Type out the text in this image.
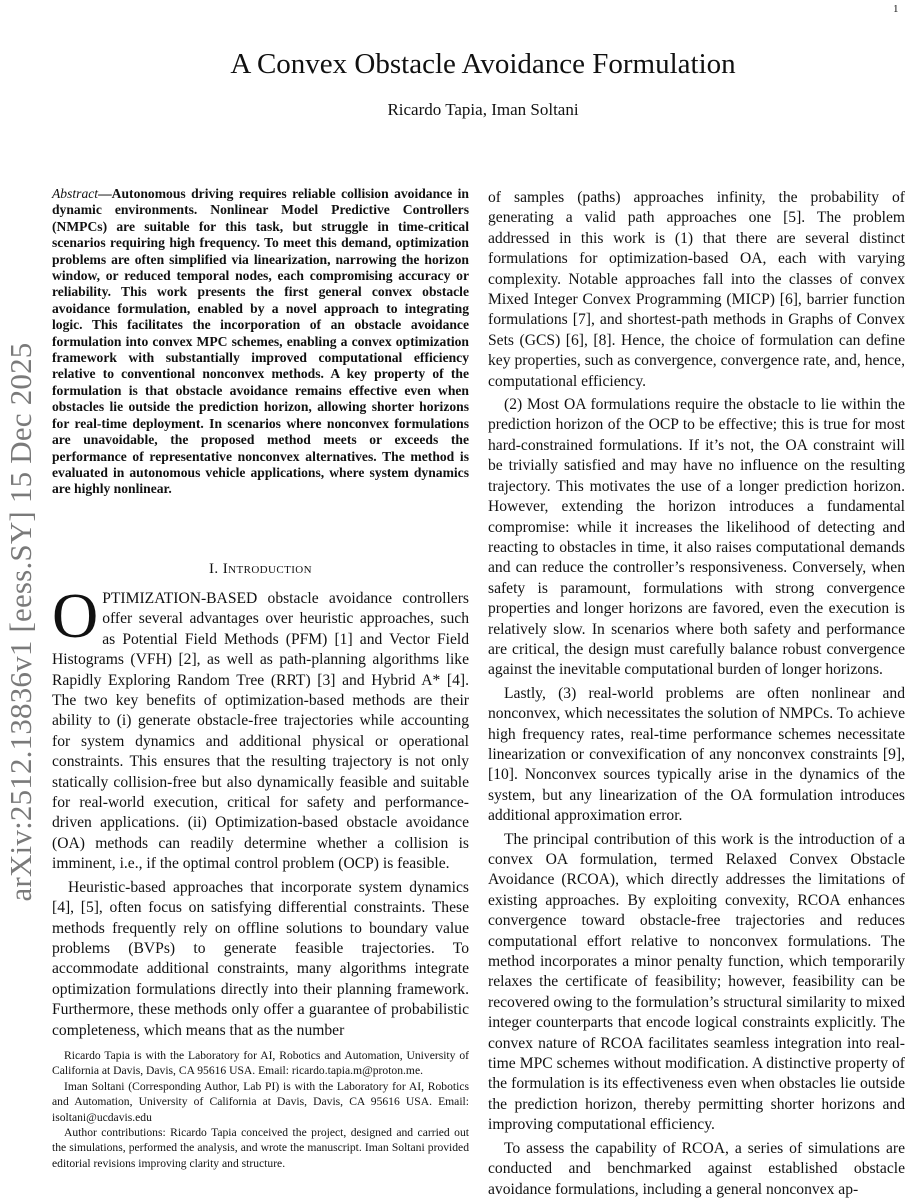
1
arXiv:2512.13836v1 [eess.SY] 15 Dec 2025
A Convex Obstacle Avoidance Formulation
Ricardo Tapia, Iman Soltani
Abstract—Autonomous driving requires reliable collision avoidance in dynamic environments. Nonlinear Model Predictive Controllers (NMPCs) are suitable for this task, but struggle in time-critical scenarios requiring high frequency. To meet this demand, optimization problems are often simplified via linearization, narrowing the horizon window, or reduced temporal nodes, each compromising accuracy or reliability. This work presents the first general convex obstacle avoidance formulation, enabled by a novel approach to integrating logic. This facilitates the incorporation of an obstacle avoidance formulation into convex MPC schemes, enabling a convex optimization framework with substantially improved computational efficiency relative to conventional nonconvex methods. A key property of the formulation is that obstacle avoidance remains effective even when obstacles lie outside the prediction horizon, allowing shorter horizons for real-time deployment. In scenarios where nonconvex formulations are unavoidable, the proposed method meets or exceeds the performance of representative nonconvex alternatives. The method is evaluated in autonomous vehicle applications, where system dynamics are highly nonlinear.
I. Introduction

OPTIMIZATION-BASED obstacle avoidance controllers offer several advantages over heuristic approaches, such as Potential Field Methods (PFM) [1] and Vector Field Histograms (VFH) [2], as well as path-planning algorithms like Rapidly Exploring Random Tree (RRT) [3] and Hybrid A* [4]. The two key benefits of optimization-based methods are their ability to (i) generate obstacle-free trajectories while accounting for system dynamics and additional physical or operational constraints. This ensures that the resulting trajectory is not only statically collision-free but also dynamically feasible and suitable for real-world execution, critical for safety and performance-driven applications. (ii) Optimization-based obstacle avoidance (OA) methods can readily determine whether a collision is imminent, i.e., if the optimal control problem (OCP) is feasible.

Heuristic-based approaches that incorporate system dynamics [4], [5], often focus on satisfying differential constraints. These methods frequently rely on offline solutions to boundary value problems (BVPs) to generate feasible trajectories. To accommodate additional constraints, many algorithms integrate optimization formulations directly into their planning framework. Furthermore, these methods only offer a guarantee of probabilistic completeness, which means that as the number

Ricardo Tapia is with the Laboratory for AI, Robotics and Automation, University of California at Davis, Davis, CA 95616 USA. Email: ricardo.tapia.m@proton.me.

Iman Soltani (Corresponding Author, Lab PI) is with the Laboratory for AI, Robotics and Automation, University of California at Davis, Davis, CA 95616 USA. Email: isoltani@ucdavis.edu

Author contributions: Ricardo Tapia conceived the project, designed and carried out the simulations, performed the analysis, and wrote the manuscript. Iman Soltani provided editorial revisions improving clarity and structure.

of samples (paths) approaches infinity, the probability of generating a valid path approaches one [5]. The problem addressed in this work is (1) that there are several distinct formulations for optimization-based OA, each with varying complexity. Notable approaches fall into the classes of convex Mixed Integer Convex Programming (MICP) [6], barrier function formulations [7], and shortest-path methods in Graphs of Convex Sets (GCS) [6], [8]. Hence, the choice of formulation can define key properties, such as convergence, convergence rate, and, hence, computational efficiency.

(2) Most OA formulations require the obstacle to lie within the prediction horizon of the OCP to be effective; this is true for most hard-constrained formulations. If it’s not, the OA constraint will be trivially satisfied and may have no influence on the resulting trajectory. This motivates the use of a longer prediction horizon. However, extending the horizon introduces a fundamental compromise: while it increases the likelihood of detecting and reacting to obstacles in time, it also raises computational demands and can reduce the controller’s responsiveness. Conversely, when safety is paramount, formulations with strong convergence properties and longer horizons are favored, even the execution is relatively slow. In scenarios where both safety and performance are critical, the design must carefully balance robust convergence against the inevitable computational burden of longer horizons.

Lastly, (3) real-world problems are often nonlinear and nonconvex, which necessitates the solution of NMPCs. To achieve high frequency rates, real-time performance schemes necessitate linearization or convexification of any nonconvex constraints [9], [10]. Nonconvex sources typically arise in the dynamics of the system, but any linearization of the OA formulation introduces additional approximation error.

The principal contribution of this work is the introduction of a convex OA formulation, termed Relaxed Convex Obstacle Avoidance (RCOA), which directly addresses the limitations of existing approaches. By exploiting convexity, RCOA enhances convergence toward obstacle-free trajectories and reduces computational effort relative to nonconvex formulations. The method incorporates a minor penalty function, which temporarily relaxes the certificate of feasibility; however, feasibility can be recovered owing to the formulation’s structural similarity to mixed integer counterparts that encode logical constraints explicitly. The convex nature of RCOA facilitates seamless integration into real-time MPC schemes without modification. A distinctive property of the formulation is its effectiveness even when obstacles lie outside the prediction horizon, thereby permitting shorter horizons and improving computational efficiency.

To assess the capability of RCOA, a series of simulations are conducted and benchmarked against established obstacle avoidance formulations, including a general nonconvex ap-
